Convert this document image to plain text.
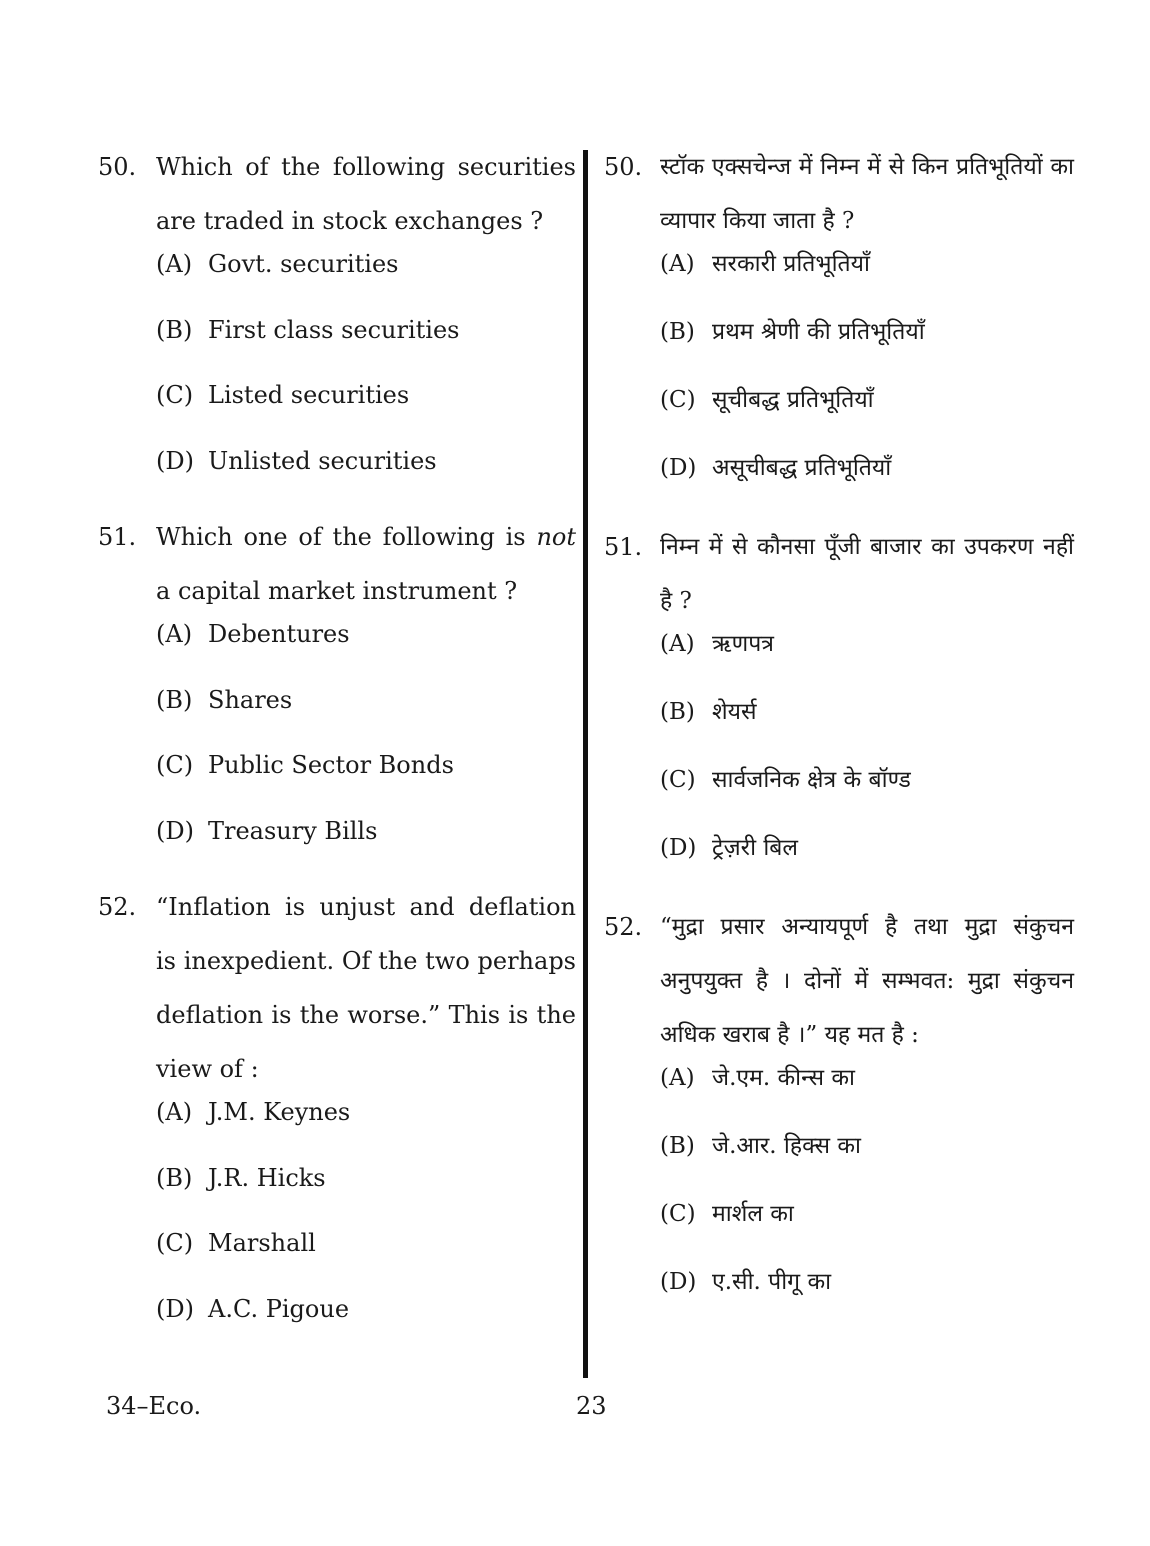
50. Which of the following securities are traded in stock exchanges ?
(A) Govt. securities
(B) First class securities
(C) Listed securities
(D) Unlisted securities
51. Which one of the following is not a capital market instrument ?
(A) Debentures
(B) Shares
(C) Public Sector Bonds
(D) Treasury Bills
52. “Inflation is unjust and deflation is inexpedient. Of the two perhaps deflation is the worse.” This is the view of :
(A) J.M. Keynes
(B) J.R. Hicks
(C) Marshall
(D) A.C. Pigoue
50. स्टॉक एक्सचेन्ज में निम्न में से किन प्रतिभूतियों का व्यापार किया जाता है ?
(A) सरकारी प्रतिभूतियाँ
(B) प्रथम श्रेणी की प्रतिभूतियाँ
(C) सूचीबद्ध प्रतिभूतियाँ
(D) असूचीबद्ध प्रतिभूतियाँ
51. निम्न में से कौनसा पूँजी बाजार का उपकरण नहीं है ?
(A) ऋणपत्र
(B) शेयर्स
(C) सार्वजनिक क्षेत्र के बॉण्ड
(D) ट्रेज़री बिल
52. “मुद्रा प्रसार अन्यायपूर्ण है तथा मुद्रा संकुचन अनुपयुक्त है । दोनों में सम्भवत: मुद्रा संकुचन अधिक खराब है ।” यह मत है :
(A) जे.एम. कीन्स का
(B) जे.आर. हिक्स का
(C) मार्शल का
(D) ए.सी. पीगू का
34–Eco.	23
